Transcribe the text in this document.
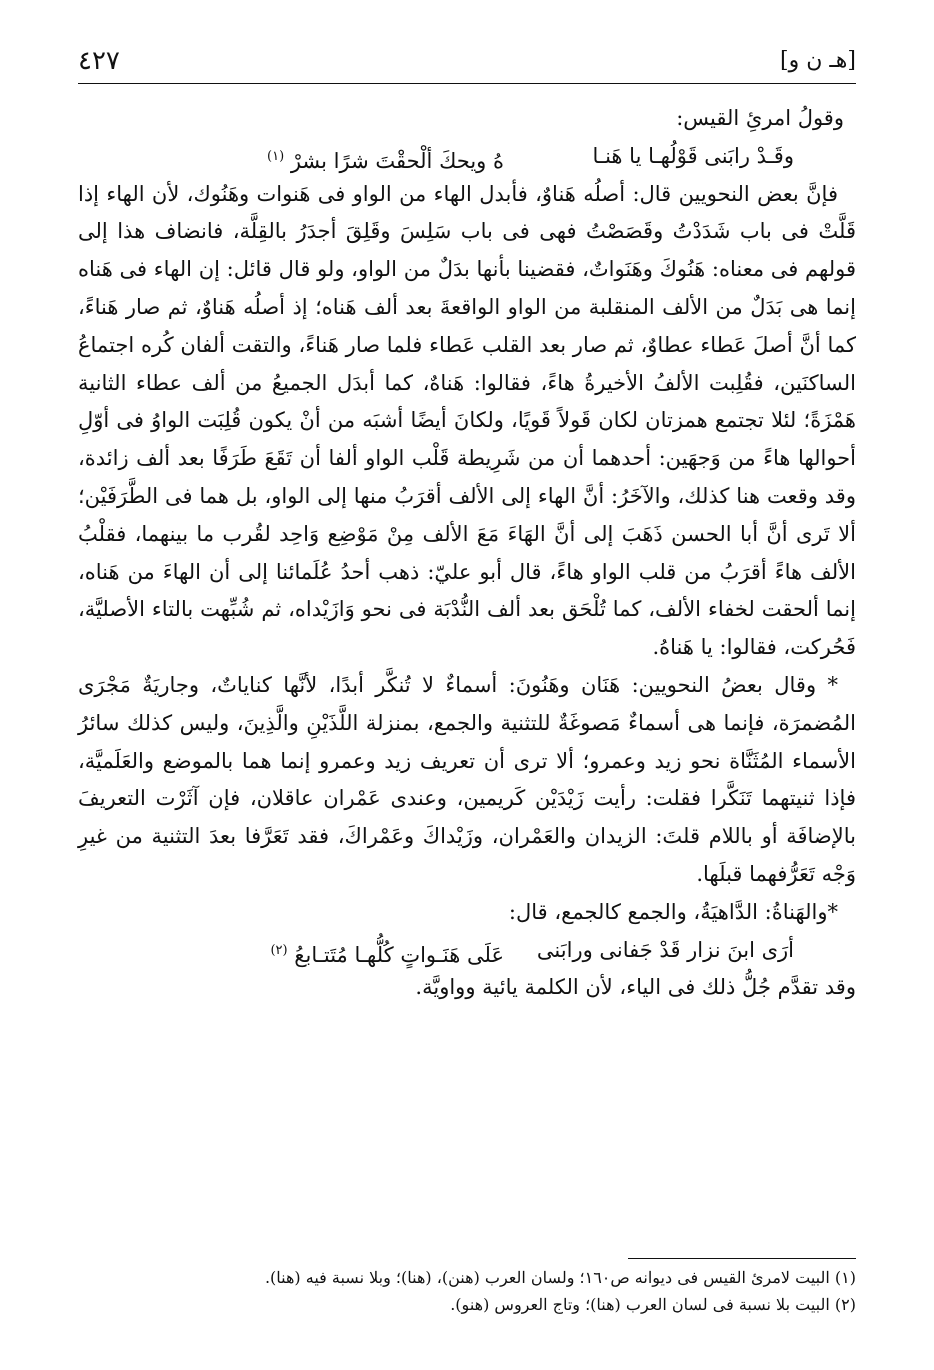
٤٢٧	[هـ ن و]

وقولُ امرئِ القيس:

وقَـدْ رابَنى قَوْلُهـا يا هَنـا
هُ ويحكَ ألْحقْتَ شرًا بشرْ $^{(١)}$

فإنَّ بعض النحويين قال: أصلُه هَناوٌ، فأبدل الهاء من الواو فى هَنوات وهَنُوك، لأن الهاء إذا قَلَّتْ فى باب شَدَدْتُ وقَصَصْتُ فهى فى باب سَلِسَ وقَلِقَ أجدَرُ بالقِلَّة، فانضاف هذا إلى قولهم فى معناه: هَنُوكَ وهَنَواتٌ، فقضينا بأنها بدَلٌ من الواو، ولو قال قائل: إن الهاء فى هَناه إنما هى بَدَلٌ من الألف المنقلبة من الواو الواقعةَ بعد ألف هَناه؛ إذ أصلُه هَناوٌ، ثم صار هَناءً، كما أنَّ أصلَ عَطاء عطاوٌ، ثم صار بعد القلب عَطاء فلما صار هَناءً، والتقت ألفان كُره اجتماعُ الساكنَين، فقُلِبت الألفُ الأخيرةُ هاءً، فقالوا: هَناهٌ، كما أبدَل الجميعُ من ألف عطاء الثانية هَمْزَةً؛ لئلا تجتمع همزتان لكان قَولاً قَويًا، ولكانَ أيضًا أشبَه من أنْ يكون قُلِبَت الواوُ فى أوّلِ أحوالها هاءً من وَجهَين: أحدهما أن من شَرِيطة قَلْب الواو ألفا أن تَقَعَ طَرَفًا بعد ألف زائدة، وقد وقعت هنا كذلك، والآخَرُ: أنَّ الهاء إلى الألف أقرَبُ منها إلى الواو، بل هما فى الطَّرَفَيْن؛ ألا تَرى أنَّ أبا الحسن ذَهَبَ إلى أنَّ الهَاءَ مَعَ الألف مِنْ مَوْضِع وَاحِد لقُرب ما بينهما، فقلْبُ الألف هاءً أقرَبُ من قلب الواو هاءً، قال أبو عليّ: ذهب أحدُ عُلَمائنا إلى أن الهاءَ من هَناه، إنما ألحقت لخفاء الألف، كما تُلْحَق بعد ألف النُّدْبَة فى نحو وَازَيْداه، ثم شُبِّهت بالتاء الأصليَّة، فَحُركت، فقالوا: يا هَناهُ.

* وقال بعضُ النحويين: هَنَان وهَنُونَ: أسماءٌ لا تُنكَّر أبدًا، لأنَّها كناياتٌ، وجاريَةٌ مَجْرَى المُضمرَة، فإنما هى أسماءٌ مَصوغَةٌ للتثنية والجمع، بمنزلة اللَّذَيْنِ والَّذِينَ، وليس كذلك سائرُ الأسماء المُثَنَّاة نحو زيد وعمرو؛ ألا ترى أن تعريف زيد وعمرو إنما هما بالموضع والعَلَميَّة، فإذا ثنيتهما تَنَكَّرا فقلت: رأيت زَيْدَيْن كَريمين، وعندى عَمْران عاقلان، فإن آثَرْت التعريفَ بالإضافَة أو باللام قلتَ: الزيدان والعَمْران، وزَيْداكَ وعَمْراكَ، فقد تَعَرَّفا بعدَ التثنية من غيرِ وَجْه تَعَرُّفهما قبلَها.

*والهَناةُ: الدَّاهيَةُ، والجمع كالجمع، قال:

أرَى ابنَ نزار قَدْ جَفانى ورابَنى
عَلَى هَنَـواتٍ كُلُّهـا مُتَتـابعُ $^{(٢)}$

وقد تقدَّم جُلُّ ذلك فى الياء، لأن الكلمة يائية وواويَّة.

(١) البيت لامرئ القيس فى ديوانه ص١٦٠؛ ولسان العرب (هنن)، (هنا)؛ وبلا نسبة فيه (هنا).
(٢) البيت بلا نسبة فى لسان العرب (هنا)؛ وتاج العروس (هنو).
